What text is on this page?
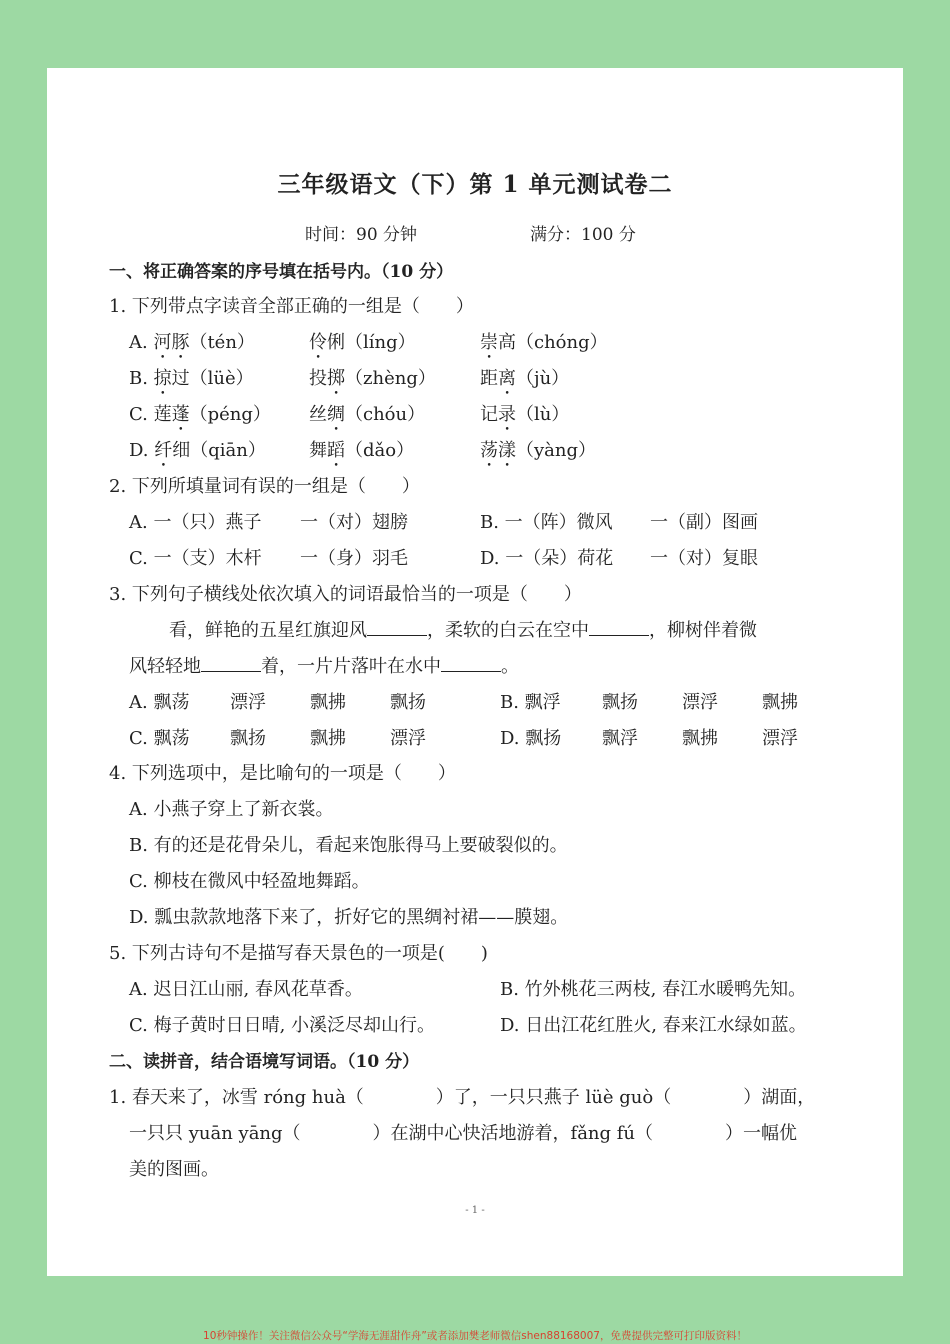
三年级语文（下）第 1 单元测试卷二
时间：90 分钟	满分：100 分
一、将正确答案的序号填在括号内。（10 分）
1. 下列带点字读音全部正确的一组是（　　）
A. 河豚（tén）	伶俐（líng）	崇高（chóng）
B. 掠过（lüè）	投掷（zhèng） 距离（jù）
C. 莲蓬（péng） 丝绸（chóu）	记录（lù）
D. 纤细（qiān） 舞蹈（dǎo）	荡漾（yàng）
2. 下列所填量词有误的一组是（　　）
A. 一（只）燕子 一（对）翅膀	B. 一（阵）微风 一（副）图画
C. 一（支）木杆 一（身）羽毛	D. 一（朵）荷花 一（对）复眼
3. 下列句子横线处依次填入的词语最恰当的一项是（　　）
看，鲜艳的五星红旗迎风	，柔软的白云在空中	，柳树伴着微
风轻轻地	着，一片片落叶在水中	。
A. 飘荡 漂浮 飘拂 飘扬	B. 飘浮 飘扬 漂浮 飘拂
C. 飘荡 飘扬 飘拂 漂浮	D. 飘扬 飘浮 飘拂 漂浮
4. 下列选项中，是比喻句的一项是（　　）
A. 小燕子穿上了新衣裳。
B. 有的还是花骨朵儿，看起来饱胀得马上要破裂似的。
C. 柳枝在微风中轻盈地舞蹈。
D. 瓢虫款款地落下来了，折好它的黑绸衬裙——膜翅。
5. 下列古诗句不是描写春天景色的一项是(　　)
A. 迟日江山丽, 春风花草香。	B. 竹外桃花三两枝, 春江水暖鸭先知。
C. 梅子黄时日日晴, 小溪泛尽却山行。	D. 日出江花红胜火, 春来江水绿如蓝。
二、读拼音，结合语境写词语。（10 分）
1. 春天来了，冰雪 róng huà（　　　　）了，一只只燕子 lüè guò（　　　　）湖面，
一只只 yuān yāng（　　　　）在湖中心快活地游着，fǎng fú（　　　　）一幅优
美的图画。
- 1 -
10秒钟操作！关注微信公众号“学海无涯甜作舟”或者添加樊老师微信shen88168007，免费提供完整可打印版资料！
